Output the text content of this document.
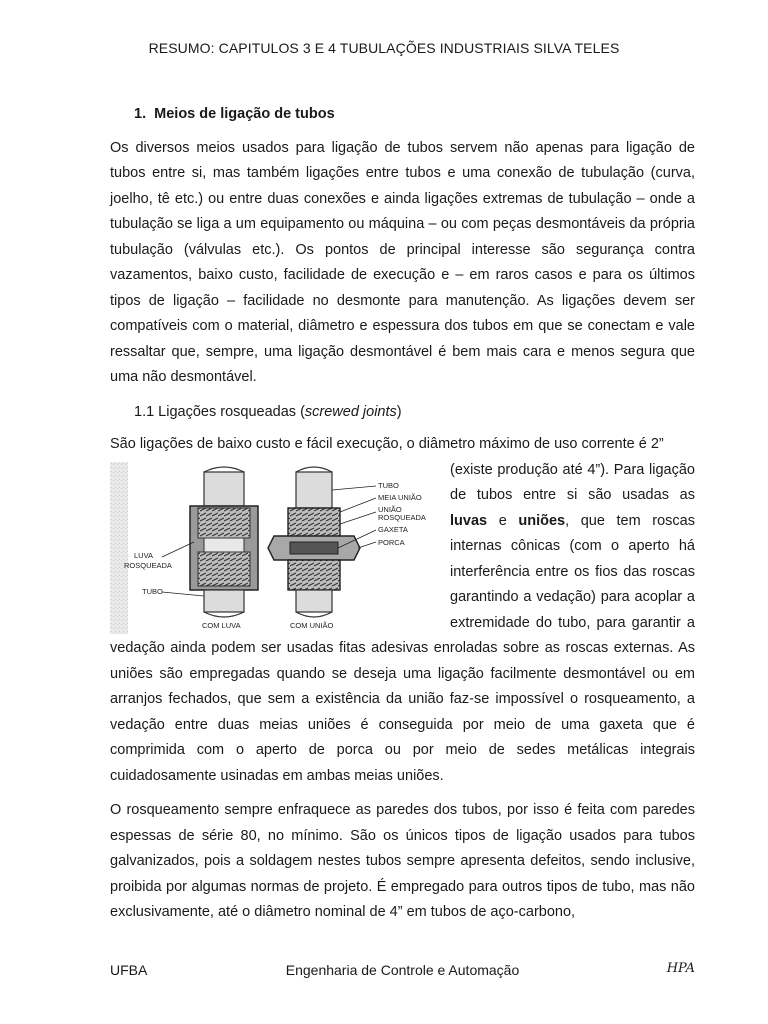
RESUMO: CAPITULOS 3 E 4 TUBULAÇÕES INDUSTRIAIS SILVA TELES

1. Meios de ligação de tubos

Os diversos meios usados para ligação de tubos servem não apenas para ligação de tubos entre si, mas também ligações entre tubos e uma conexão de tubulação (curva, joelho, tê etc.) ou entre duas conexões e ainda ligações extremas de tubulação – onde a tubulação se liga a um equipamento ou máquina – ou com peças desmontáveis da própria tubulação (válvulas etc.). Os pontos de principal interesse são segurança contra vazamentos, baixo custo, facilidade de execução e – em raros casos e para os últimos tipos de ligação – facilidade no desmonte para manutenção. As ligações devem ser compatíveis com o material, diâmetro e espessura dos tubos em que se conectam e vale ressaltar que, sempre, uma ligação desmontável é bem mais cara e menos segura que uma não desmontável.

1.1 Ligações rosqueadas (screwed joints)

São ligações de baixo custo e fácil execução, o diâmetro máximo de uso corrente é 2”

LUVA
ROSQUEADA
TUBO
COM LUVA
TUBO
MEIA UNIÃO
UNIÃO
ROSQUEADA
GAXETA
PORCA
COM UNIÃO

(existe produção até 4”). Para ligação de tubos entre si são usadas as luvas e uniões, que tem roscas internas cônicas (com o aperto há interferência entre os fios das roscas garantindo a vedação) para acoplar a extremidade do tubo, para garantir a vedação ainda podem ser usadas fitas adesivas enroladas sobre as roscas externas. As uniões são empregadas quando se deseja uma ligação facilmente desmontável ou em arranjos fechados, que sem a existência da união faz-se impossível o rosqueamento, a vedação entre duas meias uniões é conseguida por meio de uma gaxeta que é comprimida com o aperto de porca ou por meio de sedes metálicas integrais cuidadosamente usinadas em ambas meias uniões.

O rosqueamento sempre enfraquece as paredes dos tubos, por isso é feita com paredes espessas de série 80, no mínimo. São os únicos tipos de ligação usados para tubos galvanizados, pois a soldagem nestes tubos sempre apresenta defeitos, sendo inclusive, proibida por algumas normas de projeto. É empregado para outros tipos de tubo, mas não exclusivamente, até o diâmetro nominal de 4” em tubos de aço-carbono,

UFBA	Engenharia de Controle e Automação	HPA
